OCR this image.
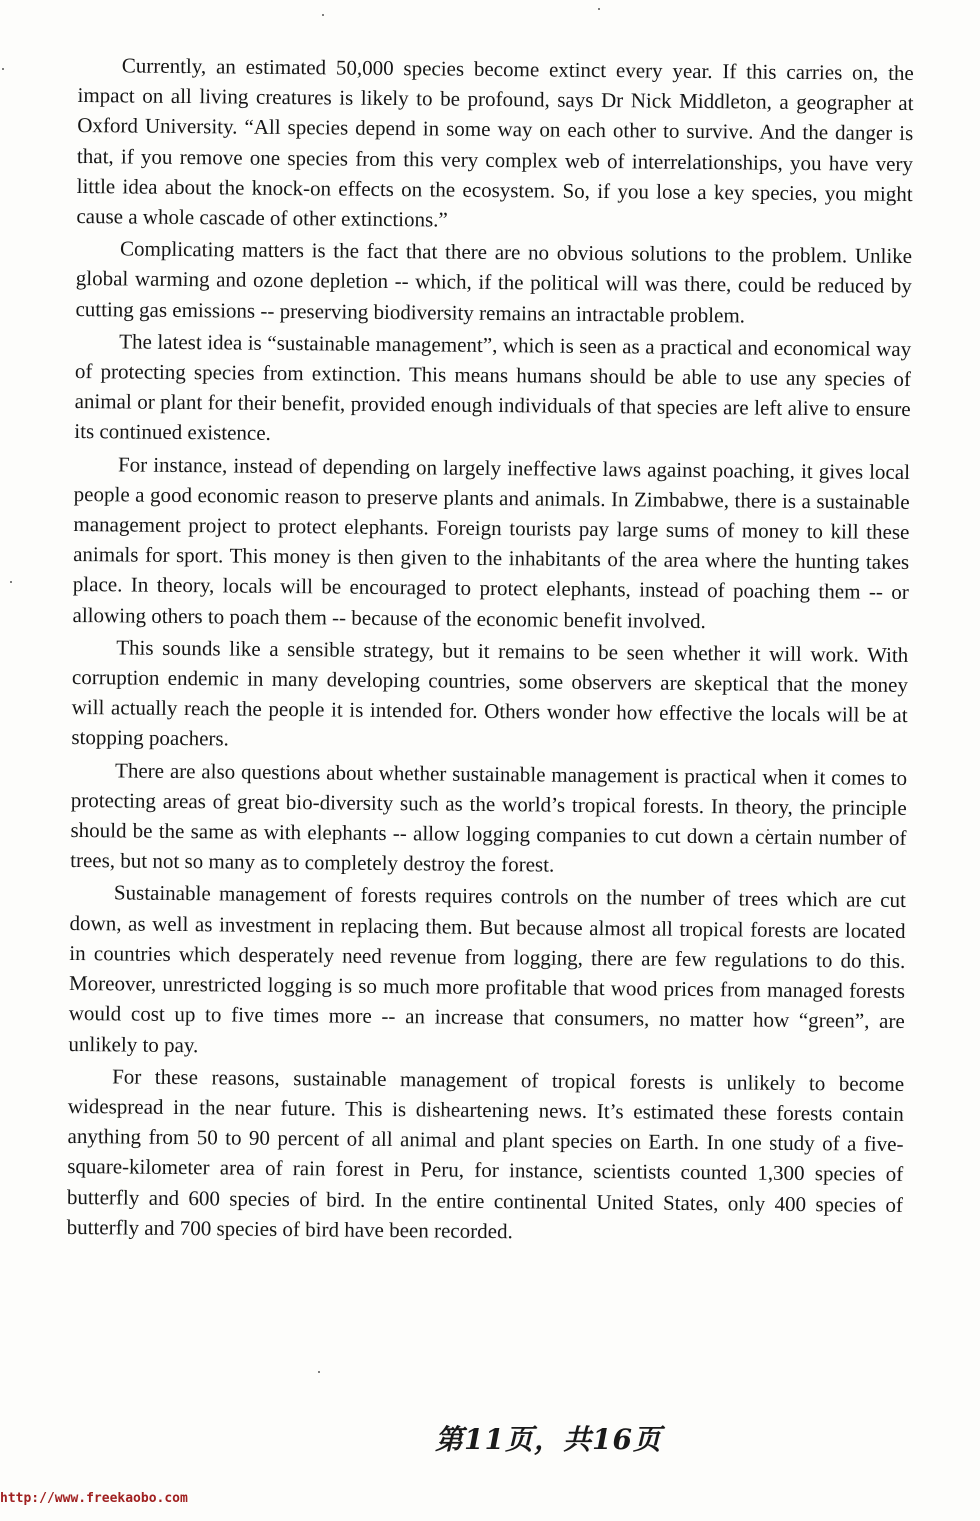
Currently, an estimated 50,000 species become extinct every year. If this carries on, the impact on all living creatures is likely to be profound, says Dr Nick Middleton, a geographer at Oxford University. “All species depend in some way on each other to survive. And the danger is that, if you remove one species from this very complex web of interrelationships, you have very little idea about the knock-on effects on the ecosystem. So, if you lose a key species, you might cause a whole cascade of other extinctions.”

Complicating matters is the fact that there are no obvious solutions to the problem. Unlike global warming and ozone depletion -- which, if the political will was there, could be reduced by cutting gas emissions -- preserving biodiversity remains an intractable problem.

The latest idea is “sustainable management”, which is seen as a practical and economical way of protecting species from extinction. This means humans should be able to use any species of animal or plant for their benefit, provided enough individuals of that species are left alive to ensure its continued existence.

For instance, instead of depending on largely ineffective laws against poaching, it gives local people a good economic reason to preserve plants and animals. In Zimbabwe, there is a sustainable management project to protect elephants. Foreign tourists pay large sums of money to kill these animals for sport. This money is then given to the inhabitants of the area where the hunting takes place. In theory, locals will be encouraged to protect elephants, instead of poaching them -- or allowing others to poach them -- because of the economic benefit involved.

This sounds like a sensible strategy, but it remains to be seen whether it will work. With corruption endemic in many developing countries, some observers are skeptical that the money will actually reach the people it is intended for. Others wonder how effective the locals will be at stopping poachers.

There are also questions about whether sustainable management is practical when it comes to protecting areas of great bio-diversity such as the world’s tropical forests. In theory, the principle should be the same as with elephants -- allow logging companies to cut down a certain number of trees, but not so many as to completely destroy the forest.

Sustainable management of forests requires controls on the number of trees which are cut down, as well as investment in replacing them. But because almost all tropical forests are located in countries which desperately need revenue from logging, there are few regulations to do this. Moreover, unrestricted logging is so much more profitable that wood prices from managed forests would cost up to five times more -- an increase that consumers, no matter how “green”, are unlikely to pay.

For these reasons, sustainable management of tropical forests is unlikely to become widespread in the near future. This is disheartening news. It’s estimated these forests contain anything from 50 to 90 percent of all animal and plant species on Earth. In one study of a five-square-kilometer area of rain forest in Peru, for instance, scientists counted 1,300 species of butterfly and 600 species of bird. In the entire continental United States, only 400 species of butterfly and 700 species of bird have been recorded.

第11页，共16页
http://www.freekaobo.com
